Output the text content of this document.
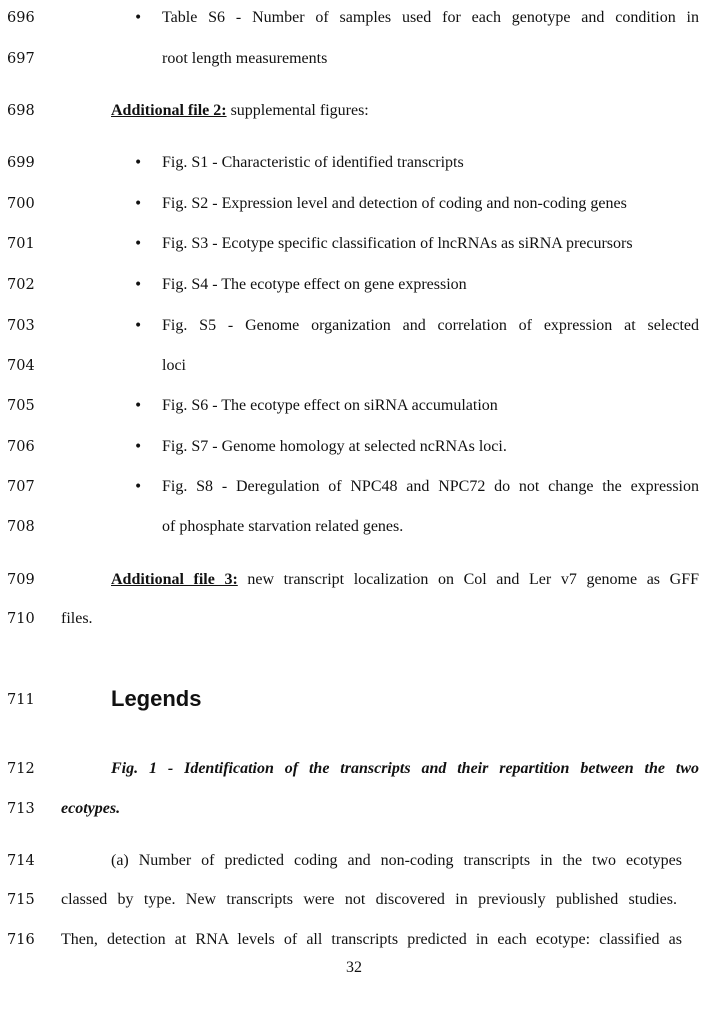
696	• Table S6 - Number of samples used for each genotype and condition in
697	root length measurements
698	Additional file 2: supplemental figures:
699	• Fig. S1 - Characteristic of identified transcripts
700	• Fig. S2 - Expression level and detection of coding and non-coding genes
701	• Fig. S3 - Ecotype specific classification of lncRNAs as siRNA precursors
702	• Fig. S4 - The ecotype effect on gene expression
703	• Fig. S5 - Genome organization and correlation of expression at selected
704	loci
705	• Fig. S6 - The ecotype effect on siRNA accumulation
706	• Fig. S7 - Genome homology at selected ncRNAs loci.
707	• Fig. S8 - Deregulation of NPC48 and NPC72 do not change the expression
708	of phosphate starvation related genes.
709	Additional file 3: new transcript localization on Col and Ler v7 genome as GFF
710	files.
711	Legends
712	Fig. 1 - Identification of the transcripts and their repartition between the two
713	ecotypes.
714	(a) Number of predicted coding and non-coding transcripts in the two ecotypes
715	classed by type. New transcripts were not discovered in previously published studies.
716	Then, detection at RNA levels of all transcripts predicted in each ecotype: classified as
32
